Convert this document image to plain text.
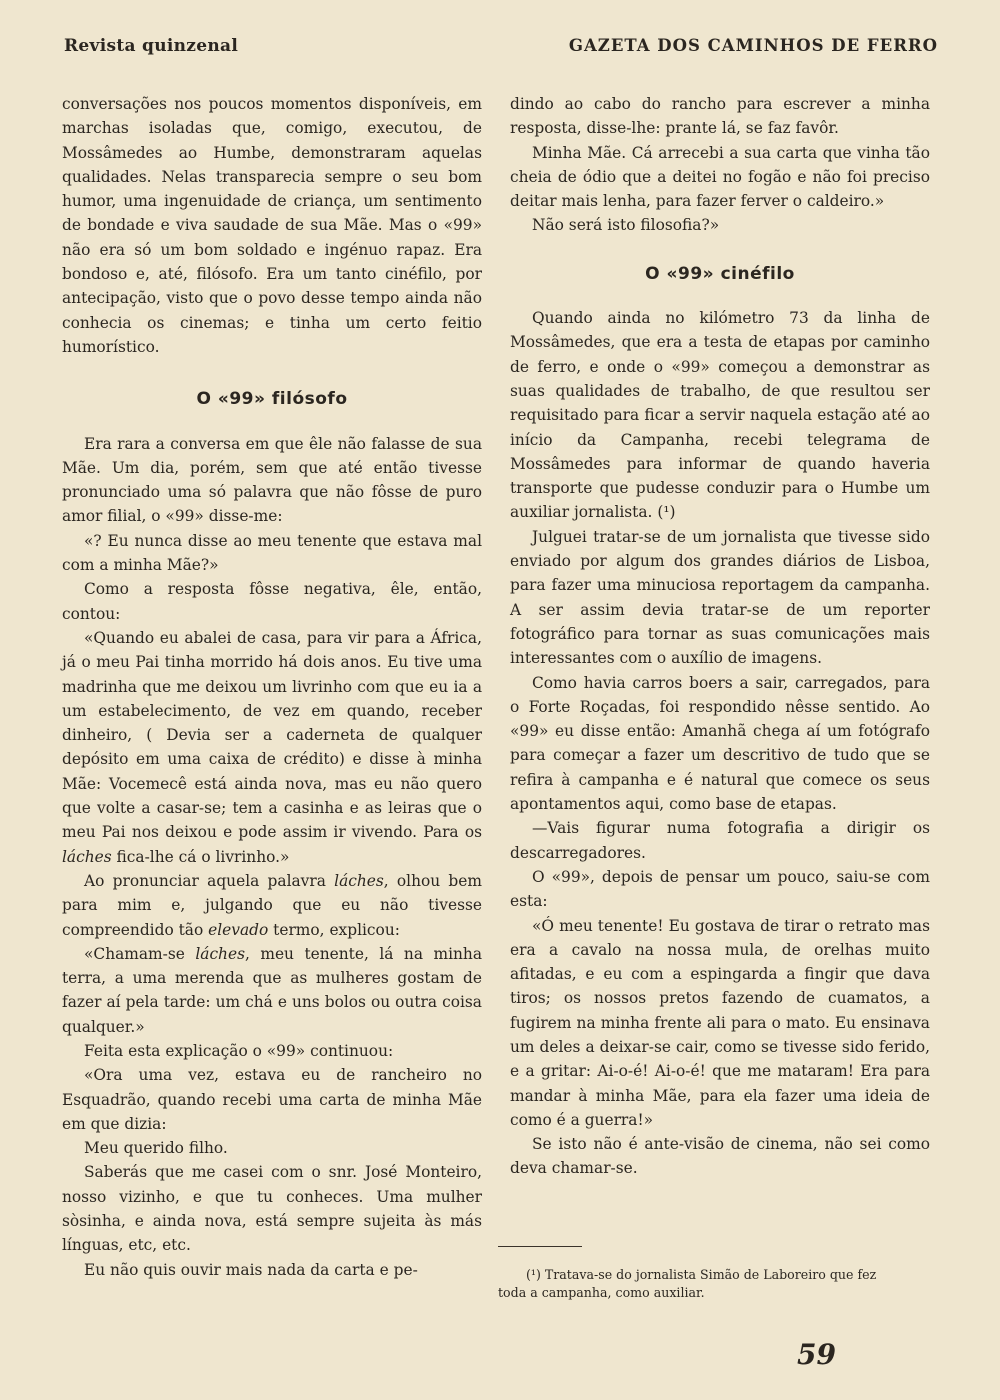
Revista quinzenal	GAZETA DOS CAMINHOS DE FERRO

conversações nos poucos momentos disponíveis, em marchas isoladas que, comigo, executou, de Mossâmedes ao Humbe, demonstraram aquelas qualidades. Nelas transparecia sempre o seu bom humor, uma ingenuidade de criança, um sentimento de bondade e viva saudade de sua Mãe. Mas o «99» não era só um bom soldado e ingénuo rapaz. Era bondoso e, até, filósofo. Era um tanto cinéfilo, por antecipação, visto que o povo desse tempo ainda não conhecia os cinemas; e tinha um certo feitio humorístico.

O «99» filósofo

Era rara a conversa em que êle não falasse de sua Mãe. Um dia, porém, sem que até então tivesse pronunciado uma só palavra que não fôsse de puro amor filial, o «99» disse-me:

«? Eu nunca disse ao meu tenente que estava mal com a minha Mãe?»

Como a resposta fôsse negativa, êle, então, contou:

«Quando eu abalei de casa, para vir para a África, já o meu Pai tinha morrido há dois anos. Eu tive uma madrinha que me deixou um livrinho com que eu ia a um estabelecimento, de vez em quando, receber dinheiro, ( Devia ser a caderneta de qualquer depósito em uma caixa de crédito) e disse à minha Mãe: Vocemecê está ainda nova, mas eu não quero que volte a casar-se; tem a casinha e as leiras que o meu Pai nos deixou e pode assim ir vivendo. Para os láches fica-lhe cá o livrinho.»

Ao pronunciar aquela palavra láches, olhou bem para mim e, julgando que eu não tivesse compreendido tão elevado termo, explicou:

«Chamam-se láches, meu tenente, lá na minha terra, a uma merenda que as mulheres gostam de fazer aí pela tarde: um chá e uns bolos ou outra coisa qualquer.»

Feita esta explicação o «99» continuou:

«Ora uma vez, estava eu de rancheiro no Esquadrão, quando recebi uma carta de minha Mãe em que dizia:

Meu querido filho.

Saberás que me casei com o snr. José Monteiro, nosso vizinho, e que tu conheces. Uma mulher sòsinha, e ainda nova, está sempre sujeita às más línguas, etc, etc.

Eu não quis ouvir mais nada da carta e pe-

dindo ao cabo do rancho para escrever a minha resposta, disse-lhe: prante lá, se faz favôr.

Minha Mãe. Cá arrecebi a sua carta que vinha tão cheia de ódio que a deitei no fogão e não foi preciso deitar mais lenha, para fazer ferver o caldeiro.»

Não será isto filosofia?»

O «99» cinéfilo

Quando ainda no kilómetro 73 da linha de Mossâmedes, que era a testa de etapas por caminho de ferro, e onde o «99» começou a demonstrar as suas qualidades de trabalho, de que resultou ser requisitado para ficar a servir naquela estação até ao início da Campanha, recebi telegrama de Mossâmedes para informar de quando haveria transporte que pudesse conduzir para o Humbe um auxiliar jornalista. (¹)

Julguei tratar-se de um jornalista que tivesse sido enviado por algum dos grandes diários de Lisboa, para fazer uma minuciosa reportagem da campanha. A ser assim devia tratar-se de um reporter fotográfico para tornar as suas comunicações mais interessantes com o auxílio de imagens.

Como havia carros boers a sair, carregados, para o Forte Roçadas, foi respondido nêsse sentido. Ao «99» eu disse então: Amanhã chega aí um fotógrafo para começar a fazer um descritivo de tudo que se refira à campanha e é natural que comece os seus apontamentos aqui, como base de etapas.

—Vais figurar numa fotografia a dirigir os descarregadores.

O «99», depois de pensar um pouco, saiu-se com esta:

«Ó meu tenente! Eu gostava de tirar o retrato mas era a cavalo na nossa mula, de orelhas muito afitadas, e eu com a espingarda a fingir que dava tiros; os nossos pretos fazendo de cuamatos, a fugirem na minha frente ali para o mato. Eu ensinava um deles a deixar-se cair, como se tivesse sido ferido, e a gritar: Ai-o-é! Ai-o-é! que me mataram! Era para mandar à minha Mãe, para ela fazer uma ideia de como é a guerra!»

Se isto não é ante-visão de cinema, não sei como deva chamar-se.

(¹) Tratava-se do jornalista Simão de Laboreiro que fez
toda a campanha, como auxiliar.
59
